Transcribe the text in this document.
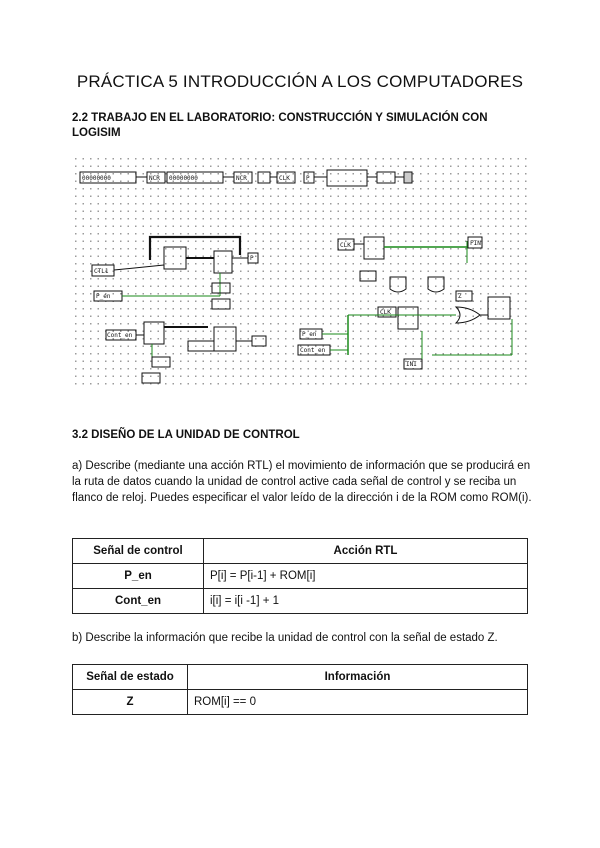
PRÁCTICA 5 INTRODUCCIÓN A LOS COMPUTADORES
2.2 TRABAJO EN EL LABORATORIO: CONSTRUCCIÓN Y SIMULACIÓN CON LOGISIM
00000000	NCR 00000000	NCR	CLK	P
CTL1
P_en
Cont_en
P
CLK	FIN
P_en
Cont_en
Z
CLK
INI
3.2 DISEÑO DE LA UNIDAD DE CONTROL
a) Describe (mediante una acción RTL) el movimiento de información que se producirá en la ruta de datos cuando la unidad de control active cada señal de control y se reciba un flanco de reloj. Puedes especificar el valor leído de la dirección i de la ROM como ROM(i).
Señal de control	Acción RTL
P_en	P[i] = P[i-1] + ROM[i]
Cont_en	i[i] = i[i -1] + 1
b) Describe la información que recibe la unidad de control con la señal de estado Z.
Señal de estado	Información
Z	ROM[i] == 0
